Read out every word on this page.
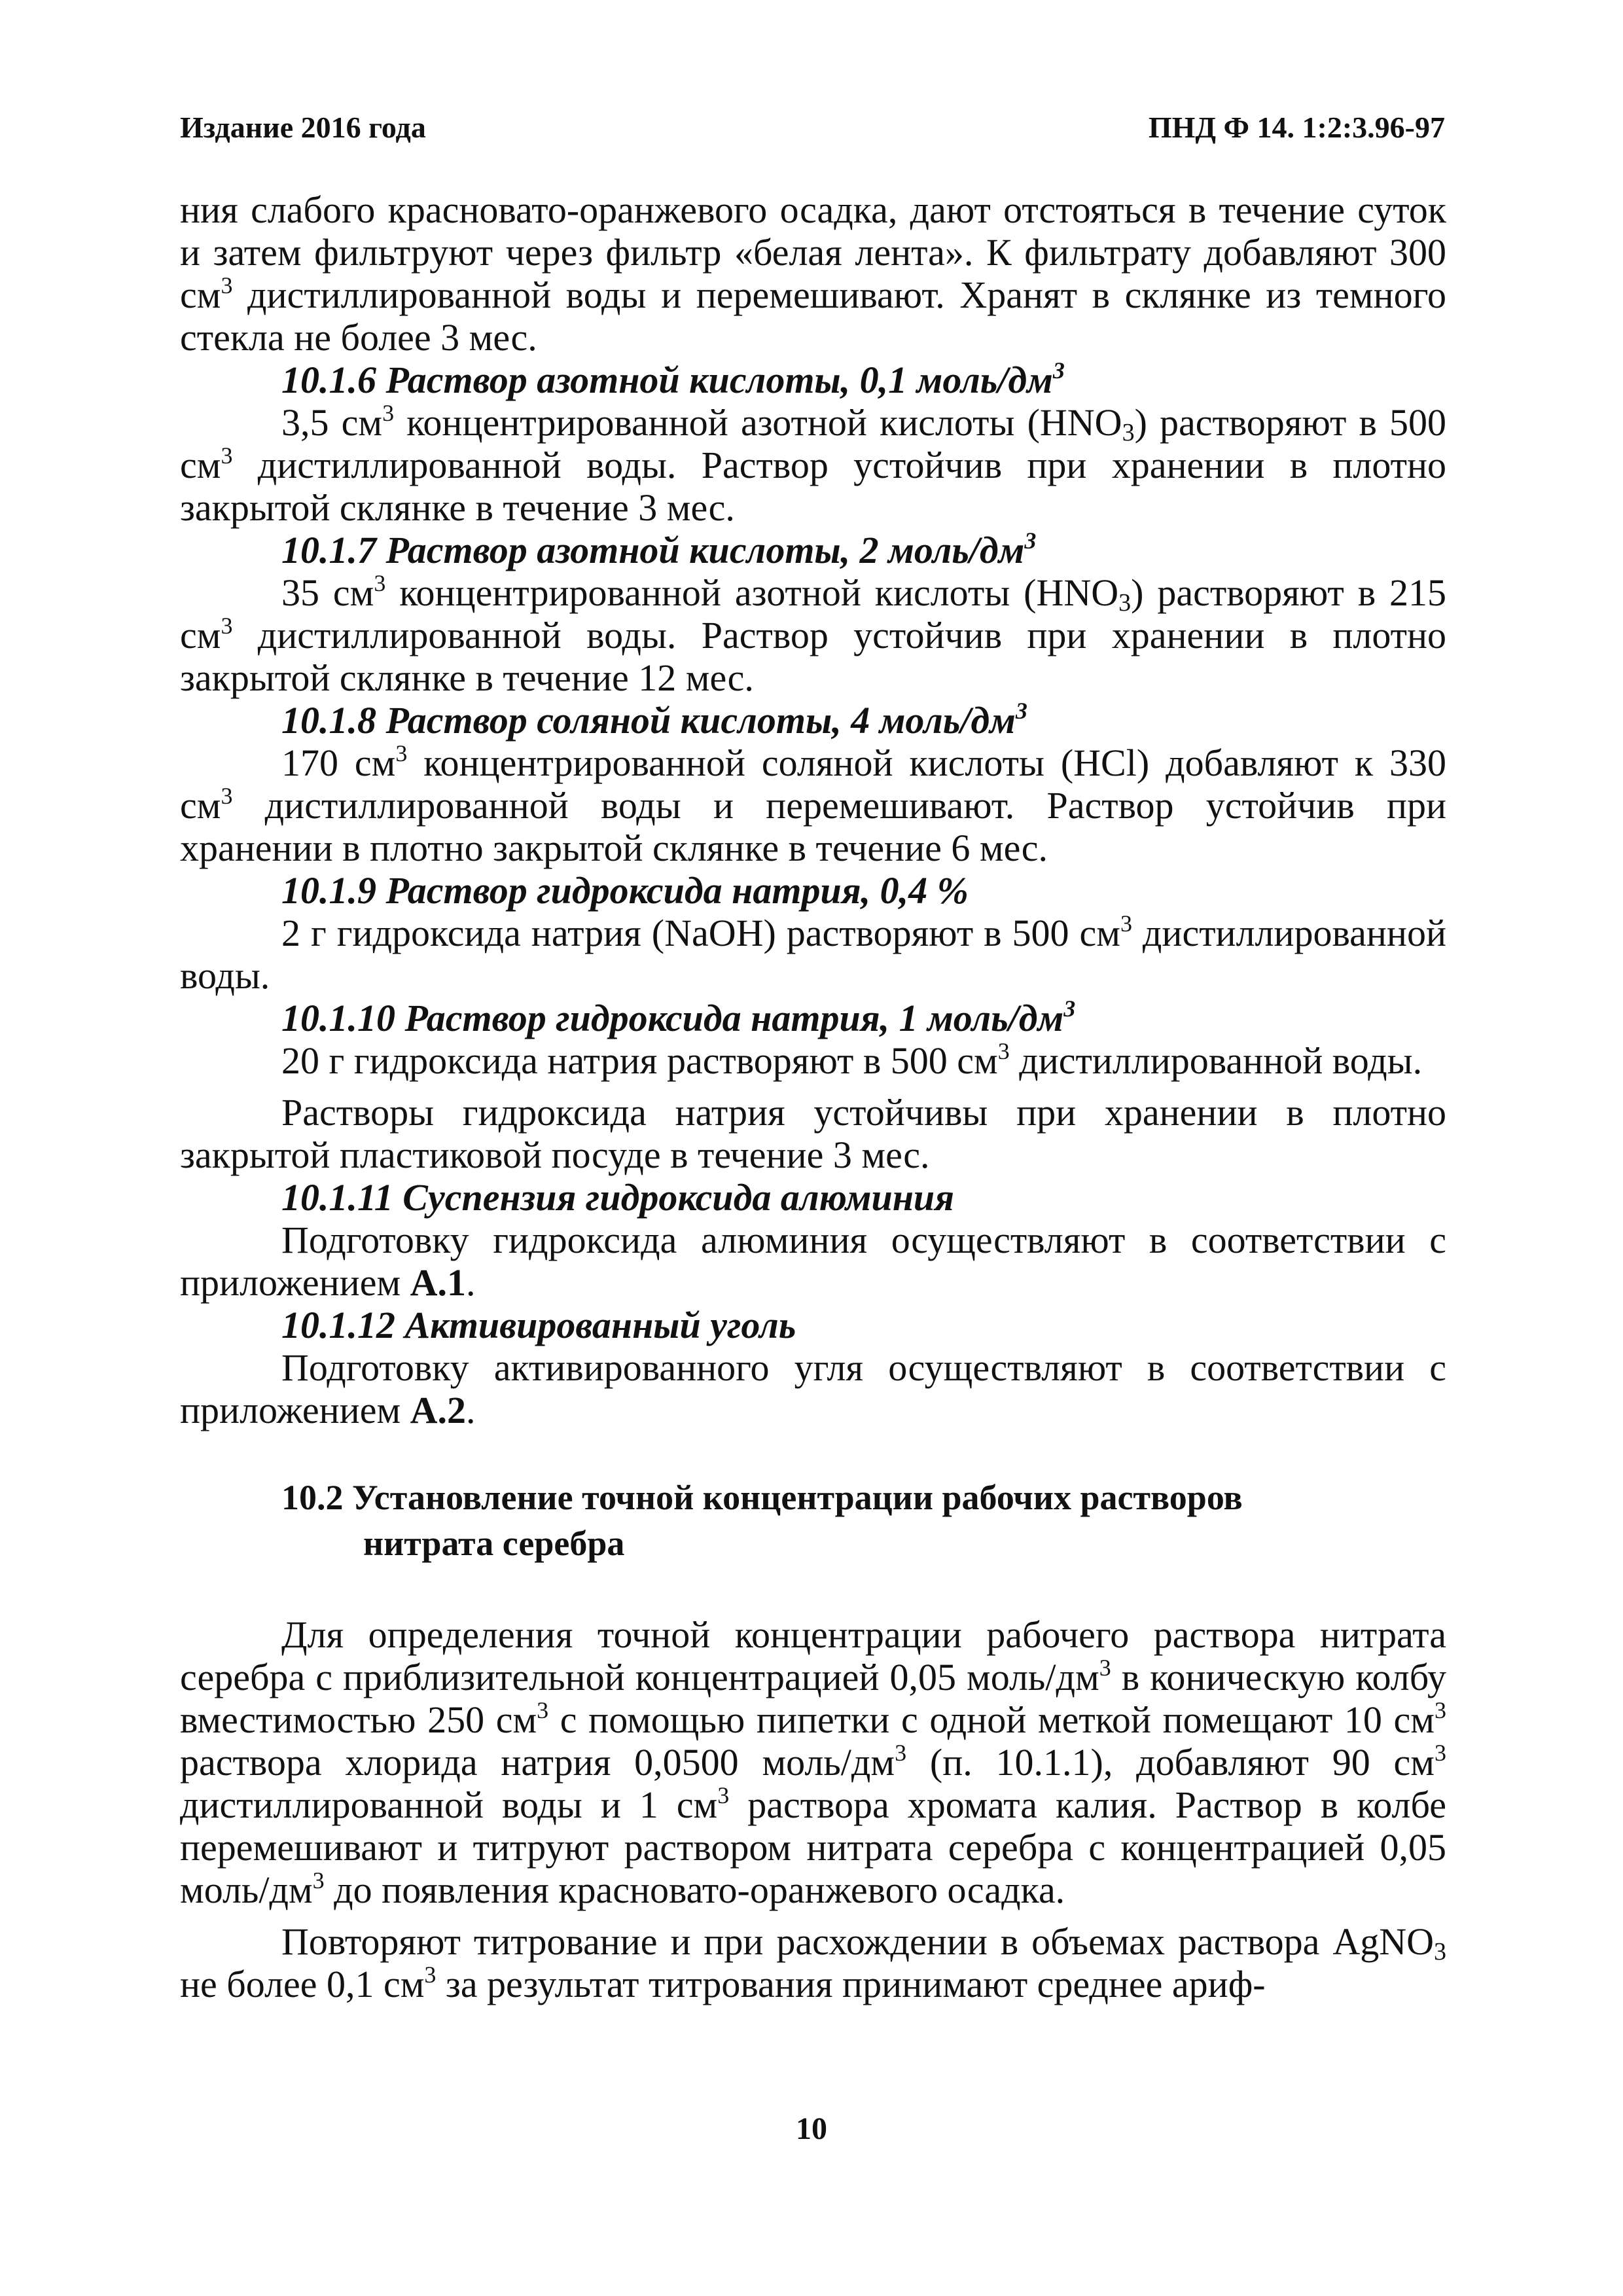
Издание 2016 года	ПНД Ф 14. 1:2:3.96-97

ния слабого красновато-оранжевого осадка, дают отстояться в течение суток и затем фильтруют через фильтр «белая лента». К фильтрату добавляют 300 $см^3$ дистиллированной воды и перемешивают. Хранят в склянке из темного стекла не более 3 мес.

10.1.6 Раствор азотной кислоты, 0,1 моль/$дм^3$

3,5 $см^3$ концентрированной азотной кислоты $(HNO_3)$ растворяют в 500 $см^3$ дистиллированной воды. Раствор устойчив при хранении в плотно закрытой склянке в течение 3 мес.

10.1.7 Раствор азотной кислоты, 2 моль/$дм^3$

35 $см^3$ концентрированной азотной кислоты $(HNO_3)$ растворяют в 215 $см^3$ дистиллированной воды. Раствор устойчив при хранении в плотно закрытой склянке в течение 12 мес.

10.1.8 Раствор соляной кислоты, 4 моль/$дм^3$

170 $см^3$ концентрированной соляной кислоты (HCl) добавляют к 330 $см^3$ дистиллированной воды и перемешивают. Раствор устойчив при хранении в плотно закрытой склянке в течение 6 мес.

10.1.9 Раствор гидроксида натрия, 0,4 %

2 г гидроксида натрия (NaOH) растворяют в 500 $см^3$ дистиллированной воды.

10.1.10 Раствор гидроксида натрия, 1 моль/$дм^3$

20 г гидроксида натрия растворяют в 500 $см^3$ дистиллированной воды.

Растворы гидроксида натрия устойчивы при хранении в плотно закрытой пластиковой посуде в течение 3 мес.

10.1.11 Суспензия гидроксида алюминия

Подготовку гидроксида алюминия осуществляют в соответствии с приложением А.1.

10.1.12 Активированный уголь

Подготовку активированного угля осуществляют в соответствии с приложением А.2.

10.2 Установление точной концентрации рабочих растворов
нитрата серебра

Для определения точной концентрации рабочего раствора нитрата серебра с приблизительной концентрацией 0,05 моль/$дм^3$ в коническую колбу вместимостью 250 $см^3$ с помощью пипетки с одной меткой помещают 10 $см^3$ раствора хлорида натрия 0,0500 моль/$дм^3$ (п. 10.1.1), добавляют 90 $см^3$ дистиллированной воды и 1 $см^3$ раствора хромата калия. Раствор в колбе перемешивают и титруют раствором нитрата серебра с концентрацией 0,05 моль/$дм^3$ до появления красновато-оранжевого осадка.

Повторяют титрование и при расхождении в объемах раствора AgNO$_3$ не более 0,1 $см^3$ за результат титрования принимают среднее ариф-

10
